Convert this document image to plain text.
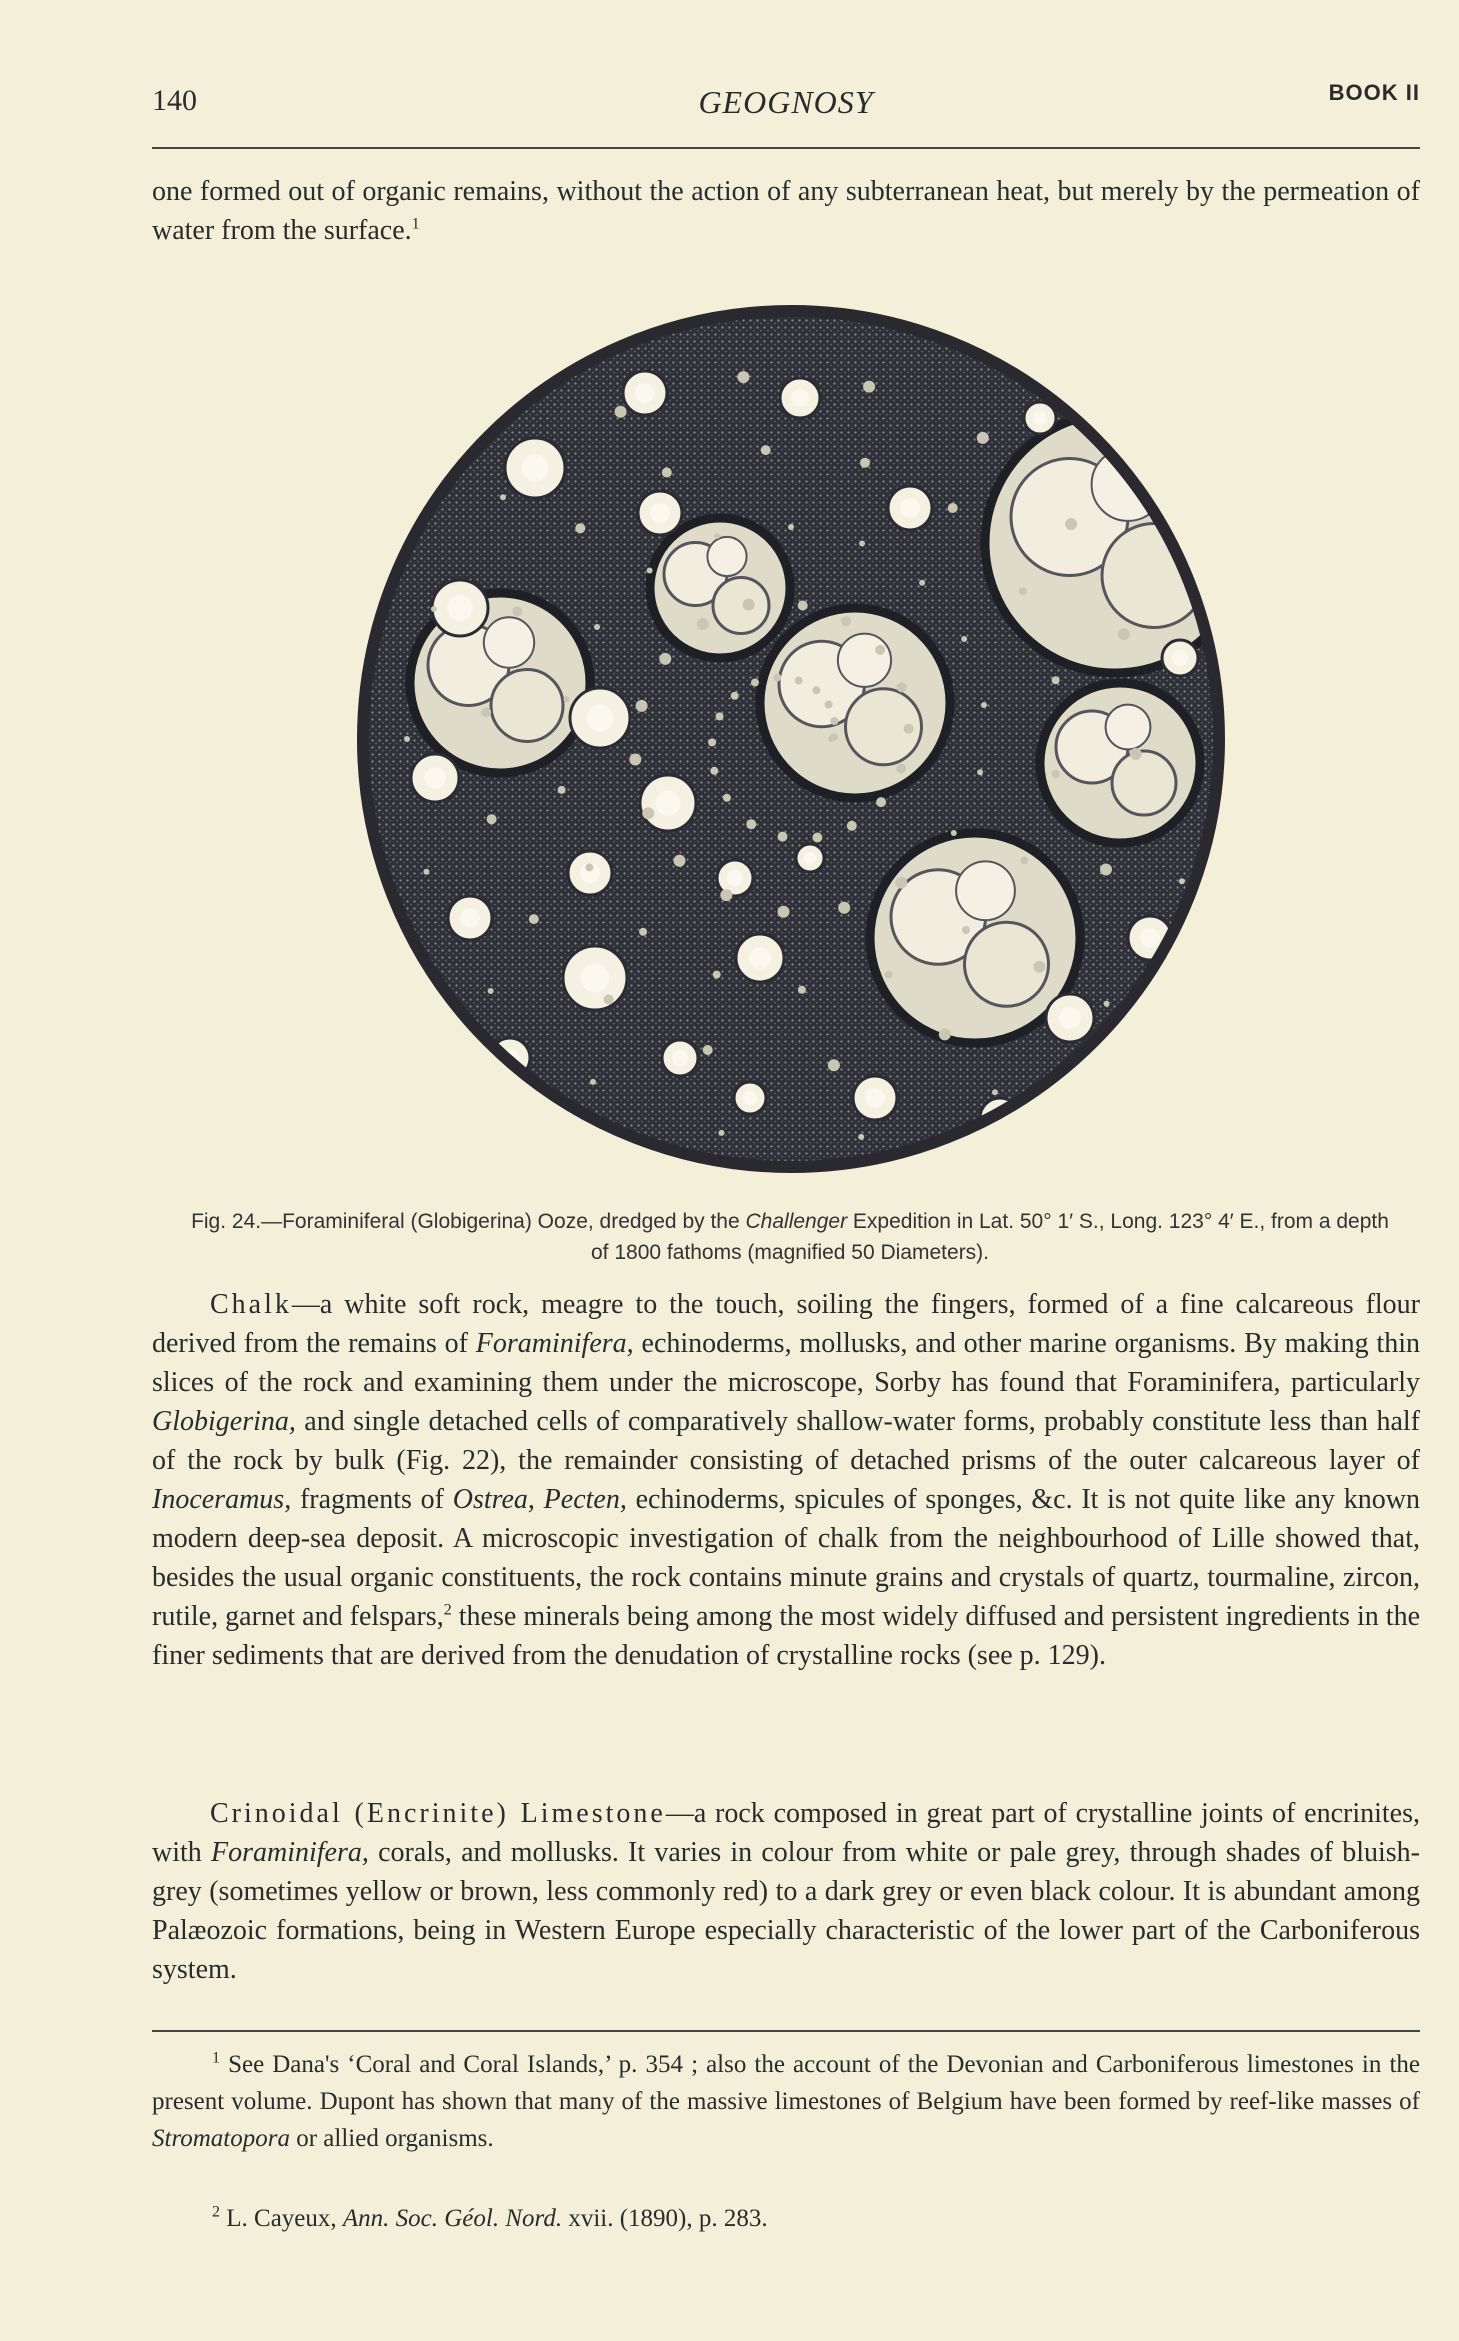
140	GEOGNOSY	BOOK II
one formed out of organic remains, without the action of any subterranean heat, but merely by the permeation of water from the surface.$^1$
Fig. 24.—Foraminiferal (Globigerina) Ooze, dredged by the Challenger Expedition in Lat. 50° 1′ S., Long. 123° 4′ E., from a depth of 1800 fathoms (magnified 50 Diameters).
Chalk—a white soft rock, meagre to the touch, soiling the fingers, formed of a fine calcareous flour derived from the remains of Foraminifera, echinoderms, mollusks, and other marine organisms. By making thin slices of the rock and examining them under the microscope, Sorby has found that Foraminifera, particularly Globigerina, and single detached cells of comparatively shallow-water forms, probably constitute less than half of the rock by bulk (Fig. 22), the remainder consisting of detached prisms of the outer calcareous layer of Inoceramus, fragments of Ostrea, Pecten, echinoderms, spicules of sponges, &c. It is not quite like any known modern deep-sea deposit. A microscopic investigation of chalk from the neighbourhood of Lille showed that, besides the usual organic constituents, the rock contains minute grains and crystals of quartz, tourmaline, zircon, rutile, garnet and felspars,$^2$ these minerals being among the most widely diffused and persistent ingredients in the finer sediments that are derived from the denudation of crystalline rocks (see p. 129).
Crinoidal (Encrinite) Limestone—a rock composed in great part of crystalline joints of encrinites, with Foraminifera, corals, and mollusks. It varies in colour from white or pale grey, through shades of bluish-grey (sometimes yellow or brown, less commonly red) to a dark grey or even black colour. It is abundant among Palæozoic formations, being in Western Europe especially characteristic of the lower part of the Carboniferous system.
$^1$ See Dana's ‘Coral and Coral Islands,’ p. 354 ; also the account of the Devonian and Carboniferous limestones in the present volume. Dupont has shown that many of the massive limestones of Belgium have been formed by reef-like masses of Stromatopora or allied organisms.
$^2$ L. Cayeux, Ann. Soc. Géol. Nord. xvii. (1890), p. 283.
